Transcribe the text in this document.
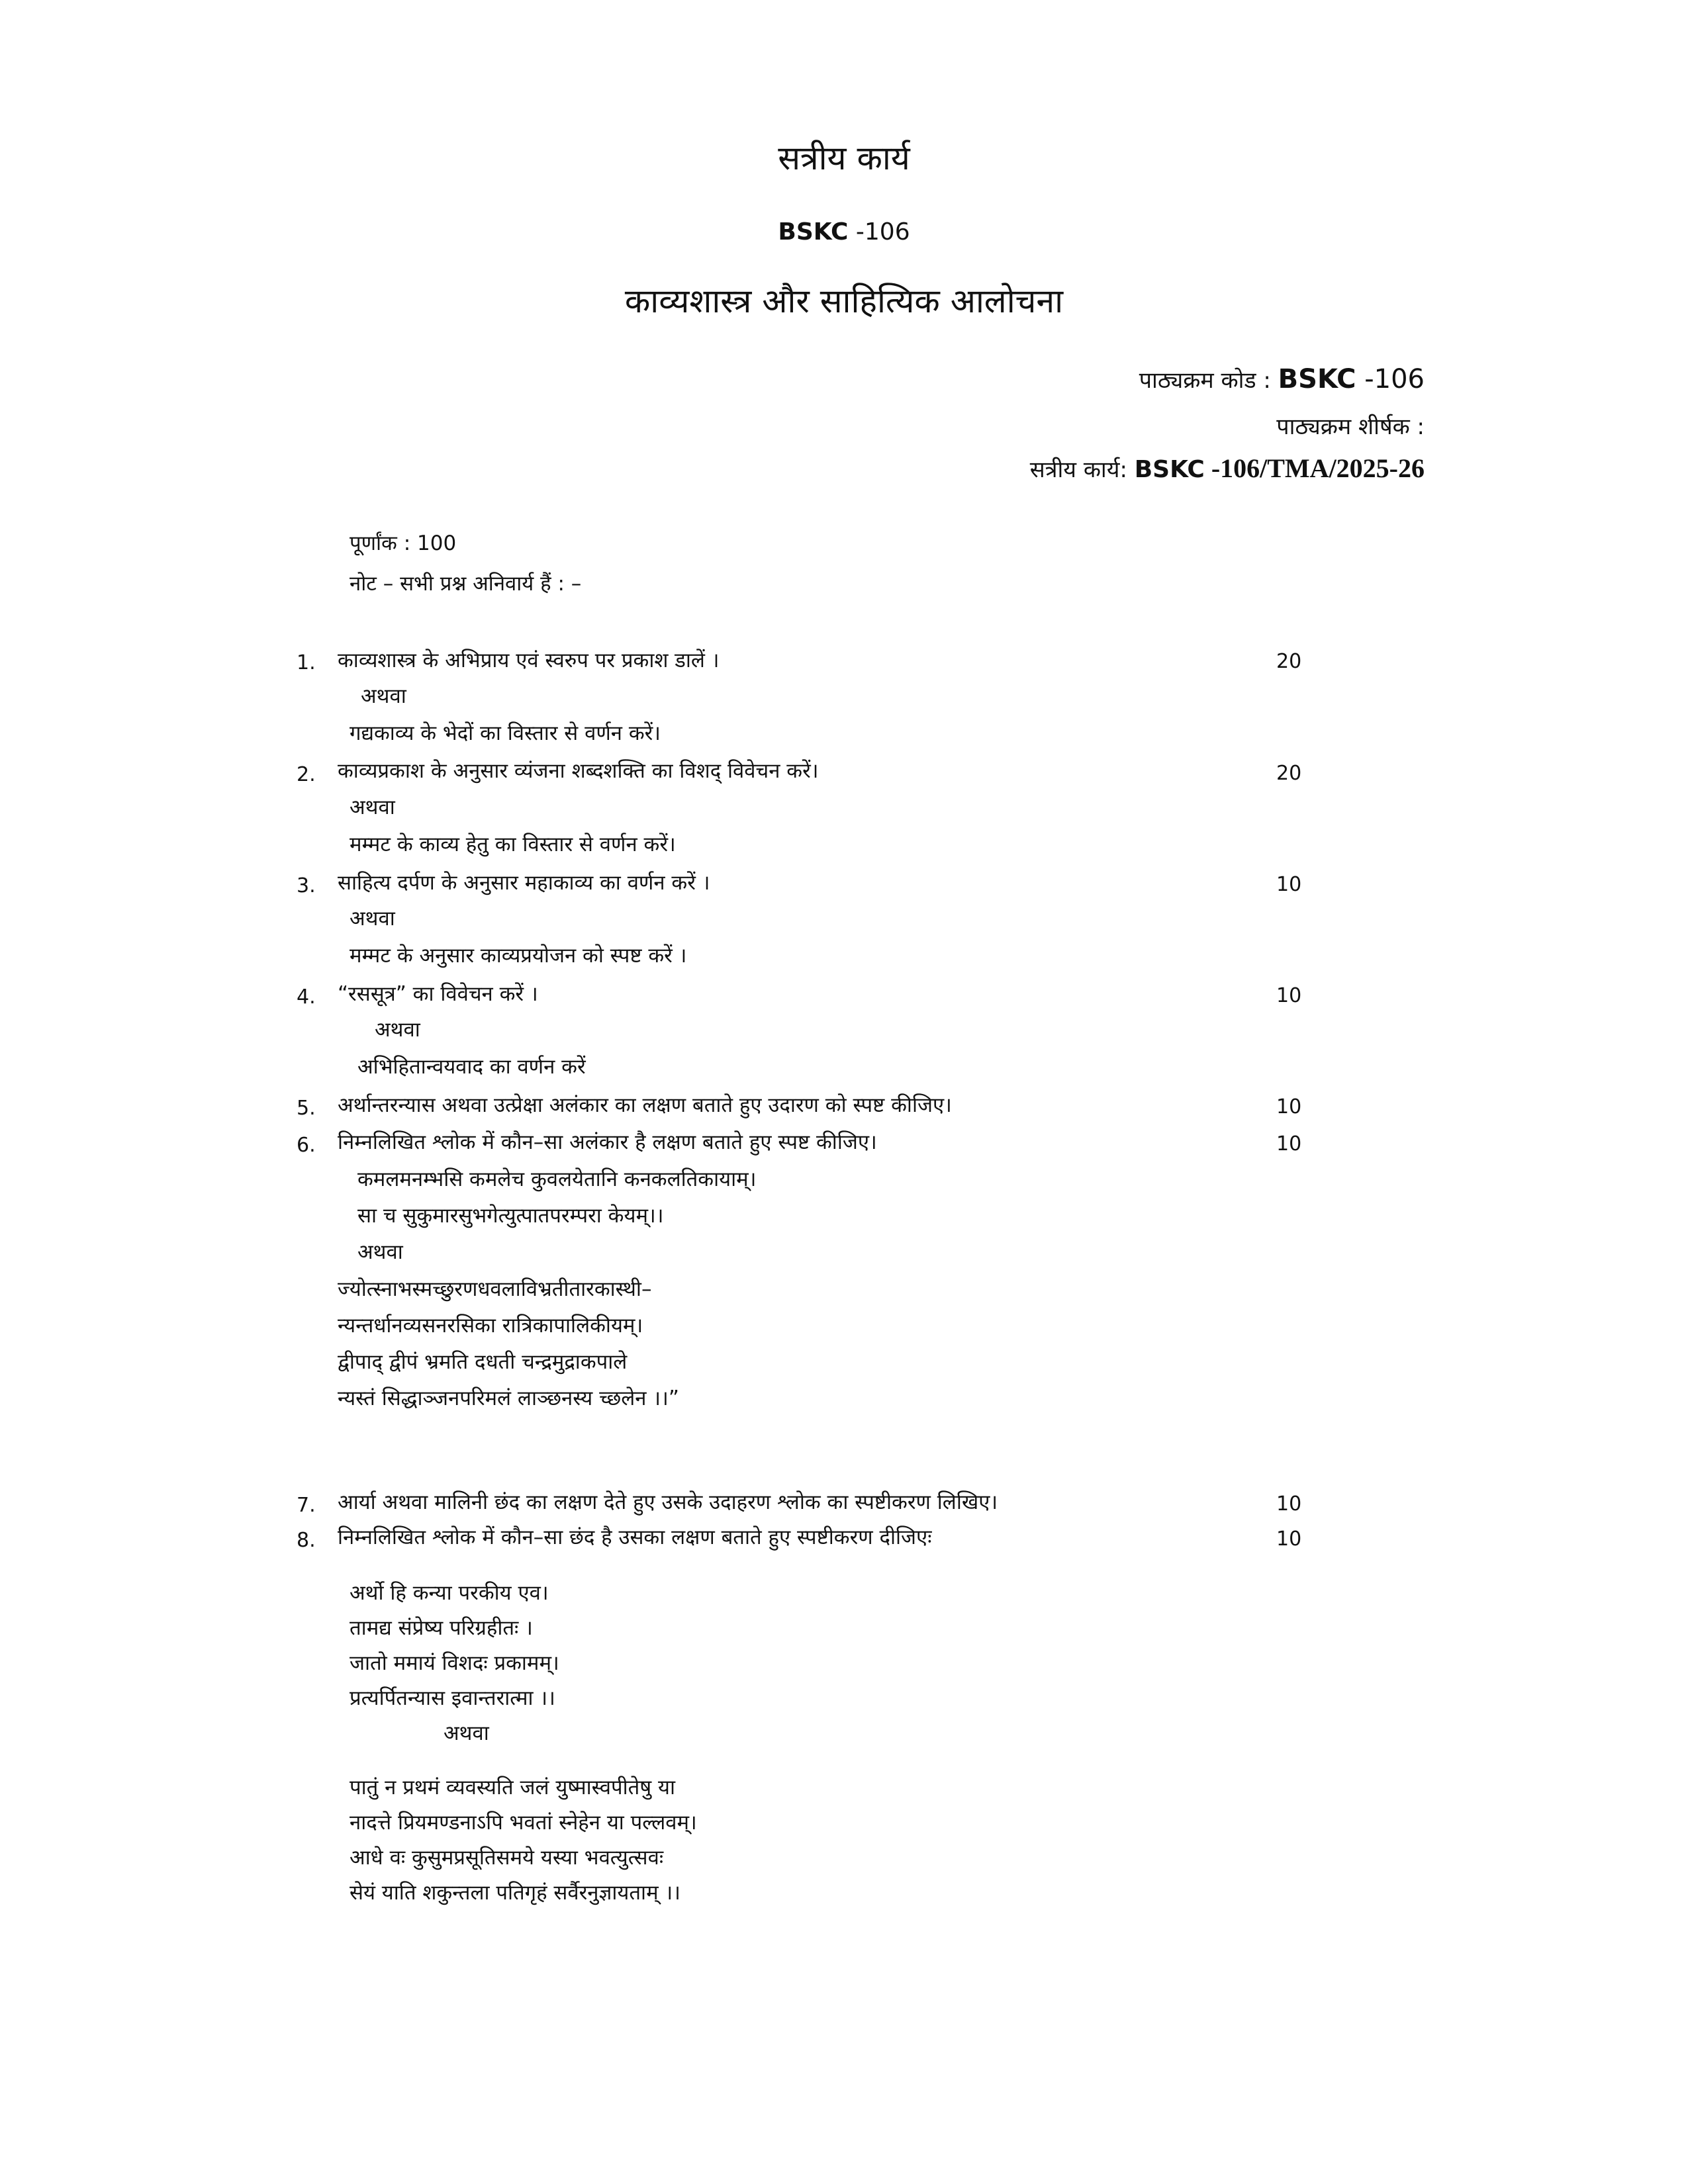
सत्रीय कार्य
BSKC -106
काव्यशास्त्र और साहित्यिक आलोचना
पाठ्यक्रम कोड : BSKC -106
पाठ्यक्रम शीर्षक :
सत्रीय कार्य: BSKC -106/TMA/2025-26
पूर्णांक : 100
नोट – सभी प्रश्न अनिवार्य हैं : –
1. काव्यशास्त्र के अभिप्राय एवं स्वरुप पर प्रकाश डालें ।	20
अथवा
गद्यकाव्य के भेदों का विस्तार से वर्णन करें।
2. काव्यप्रकाश के अनुसार व्यंजना शब्दशक्ति का विशद् विवेचन करें।	20
अथवा
मम्मट के काव्य हेतु का विस्तार से वर्णन करें।
3. साहित्य दर्पण के अनुसार महाकाव्य का वर्णन करें ।	10
अथवा
मम्मट के अनुसार काव्यप्रयोजन को स्पष्ट करें ।
4. “रससूत्र” का विवेचन करें ।	10
अथवा
अभिहितान्वयवाद का वर्णन करें
5. अर्थान्तरन्यास अथवा उत्प्रेक्षा अलंकार का लक्षण बताते हुए उदारण को स्पष्ट कीजिए।	10
6. निम्नलिखित श्लोक में कौन–सा अलंकार है लक्षण बताते हुए स्पष्ट कीजिए।	10
कमलमनम्भसि कमलेच कुवलयेतानि कनकलतिकायाम्।
सा च सुकुमारसुभगेत्युत्पातपरम्परा केयम्।।
अथवा
ज्योत्स्नाभस्मच्छुरणधवलाविभ्रतीतारकास्थी–
न्यन्तर्धानव्यसनरसिका रात्रिकापालिकीयम्।
द्वीपाद् द्वीपं भ्रमति दधती चन्द्रमुद्राकपाले
न्यस्तं सिद्धाञ्जनपरिमलं लाञ्छनस्य च्छलेन ।।”
7. आर्या अथवा मालिनी छंद का लक्षण देते हुए उसके उदाहरण श्लोक का स्पष्टीकरण लिखिए।	10
8. निम्नलिखित श्लोक में कौन–सा छंद है उसका लक्षण बताते हुए स्पष्टीकरण दीजिएः	10
अर्थो हि कन्या परकीय एव।
तामद्य संप्रेष्य परिग्रहीतः ।
जातो ममायं विशदः प्रकामम्।
प्रत्यर्पितन्यास इवान्तरात्मा ।।
अथवा
पातुं न प्रथमं व्यवस्यति जलं युष्मास्वपीतेषु या
नादत्ते प्रियमण्डनाऽपि भवतां स्नेहेन या पल्लवम्।
आधे वः कुसुमप्रसूतिसमये यस्या भवत्युत्सवः
सेयं याति शकुन्तला पतिगृहं सर्वैरनुज्ञायताम् ।।
